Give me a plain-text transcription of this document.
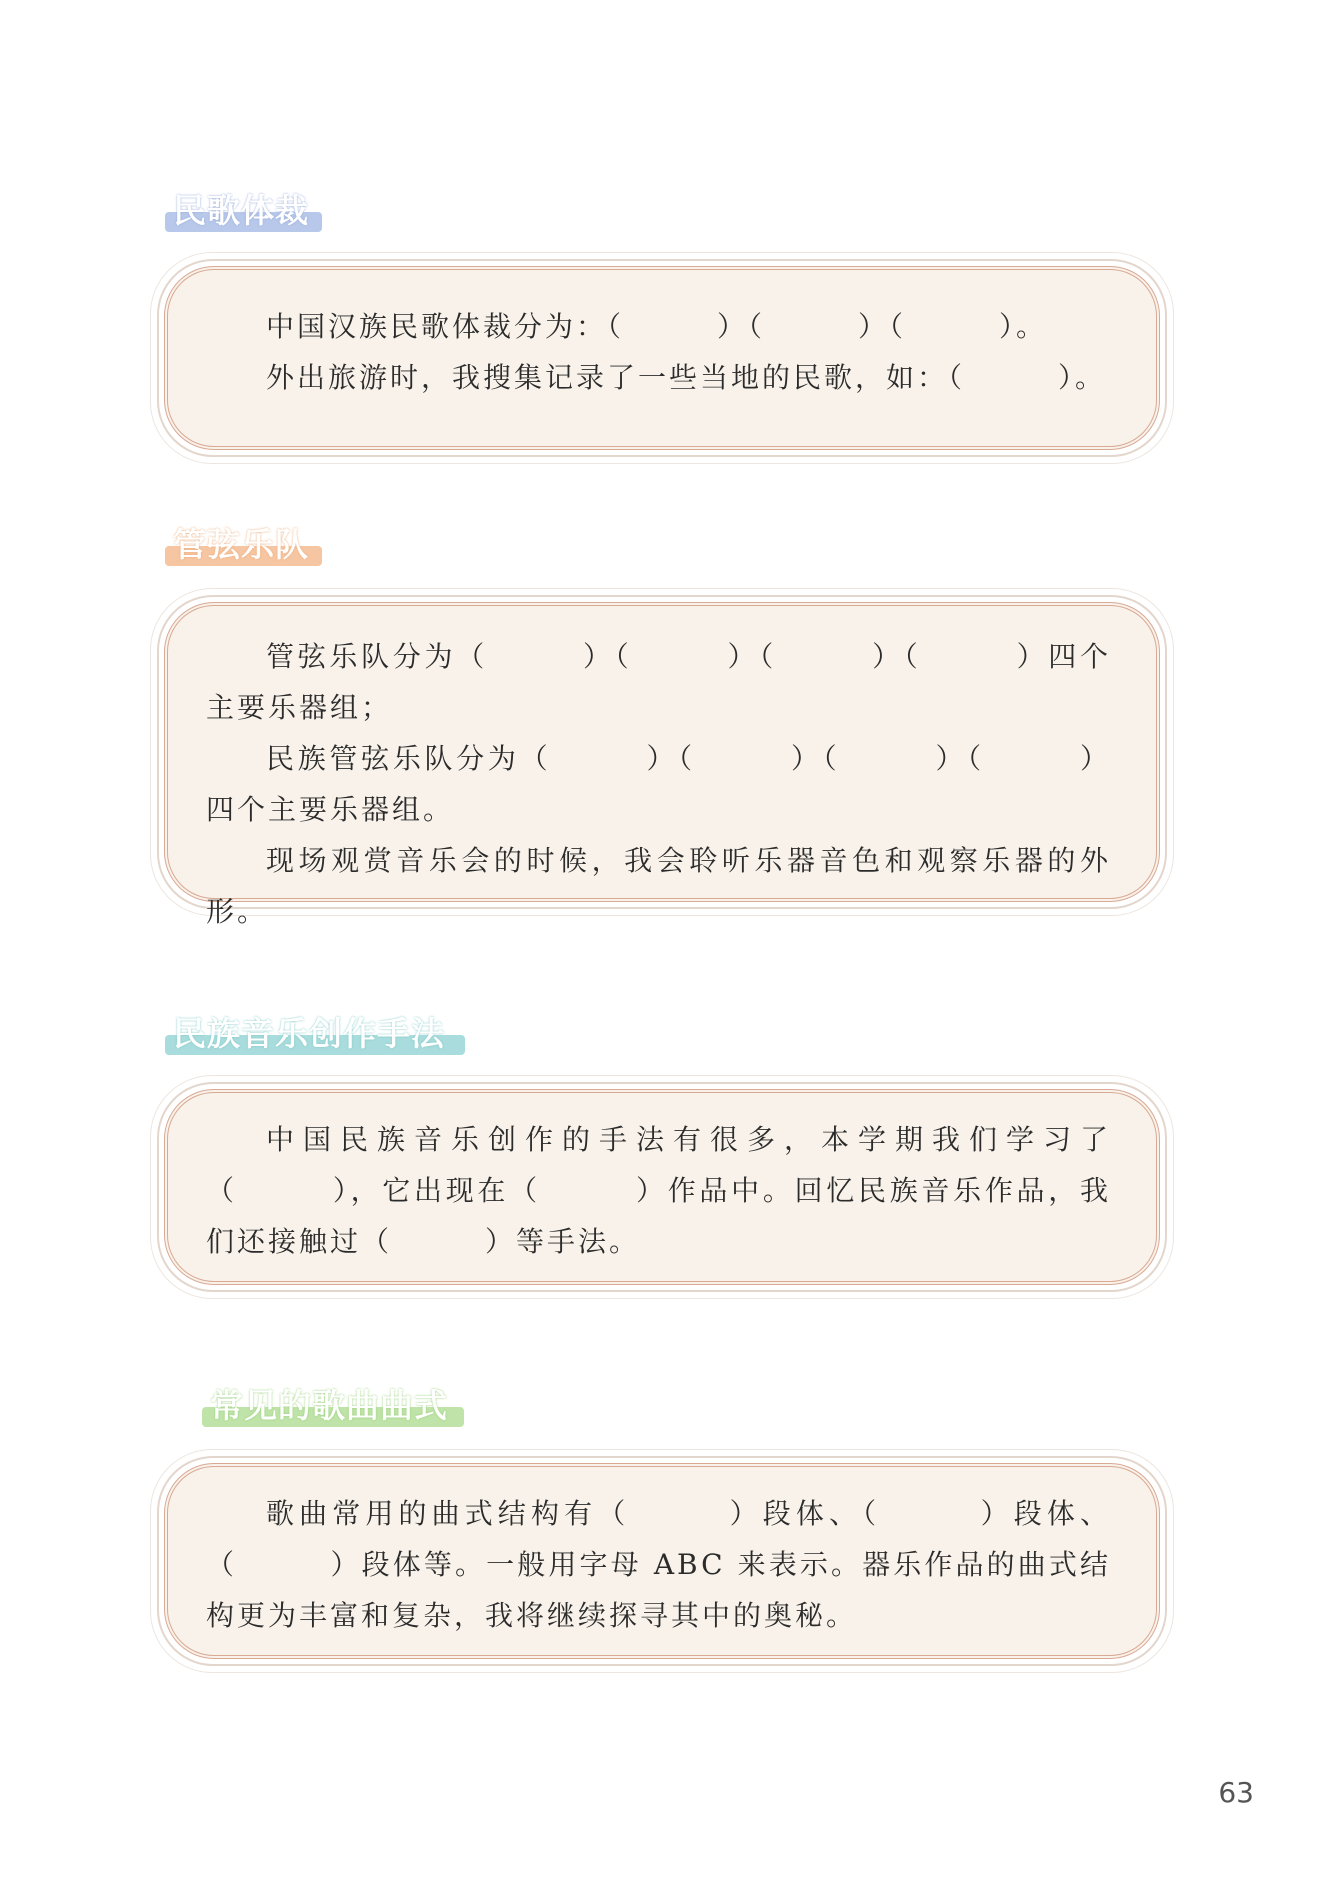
民歌体裁

中国汉族民歌体裁分为：（　　　）（　　　）（　　　）。

外出旅游时，我搜集记录了一些当地的民歌，如：（　　　）。

管弦乐队

管弦乐队分为（　　　）（　　　）（　　　）（　　　）四个主要乐器组；

民族管弦乐队分为（　　　）（　　　）（　　　）（　　　）四个主要乐器组。

现场观赏音乐会的时候，我会聆听乐器音色和观察乐器的外形。

民族音乐创作手法

中国民族音乐创作的手法有很多，本学期我们学习了（　　　），它出现在（　　　）作品中。回忆民族音乐作品，我们还接触过（　　　）等手法。

常见的歌曲曲式

歌曲常用的曲式结构有（　　　）段体、（　　　）段体、（　　　）段体等。一般用字母 ABC 来表示。器乐作品的曲式结构更为丰富和复杂，我将继续探寻其中的奥秘。

63
